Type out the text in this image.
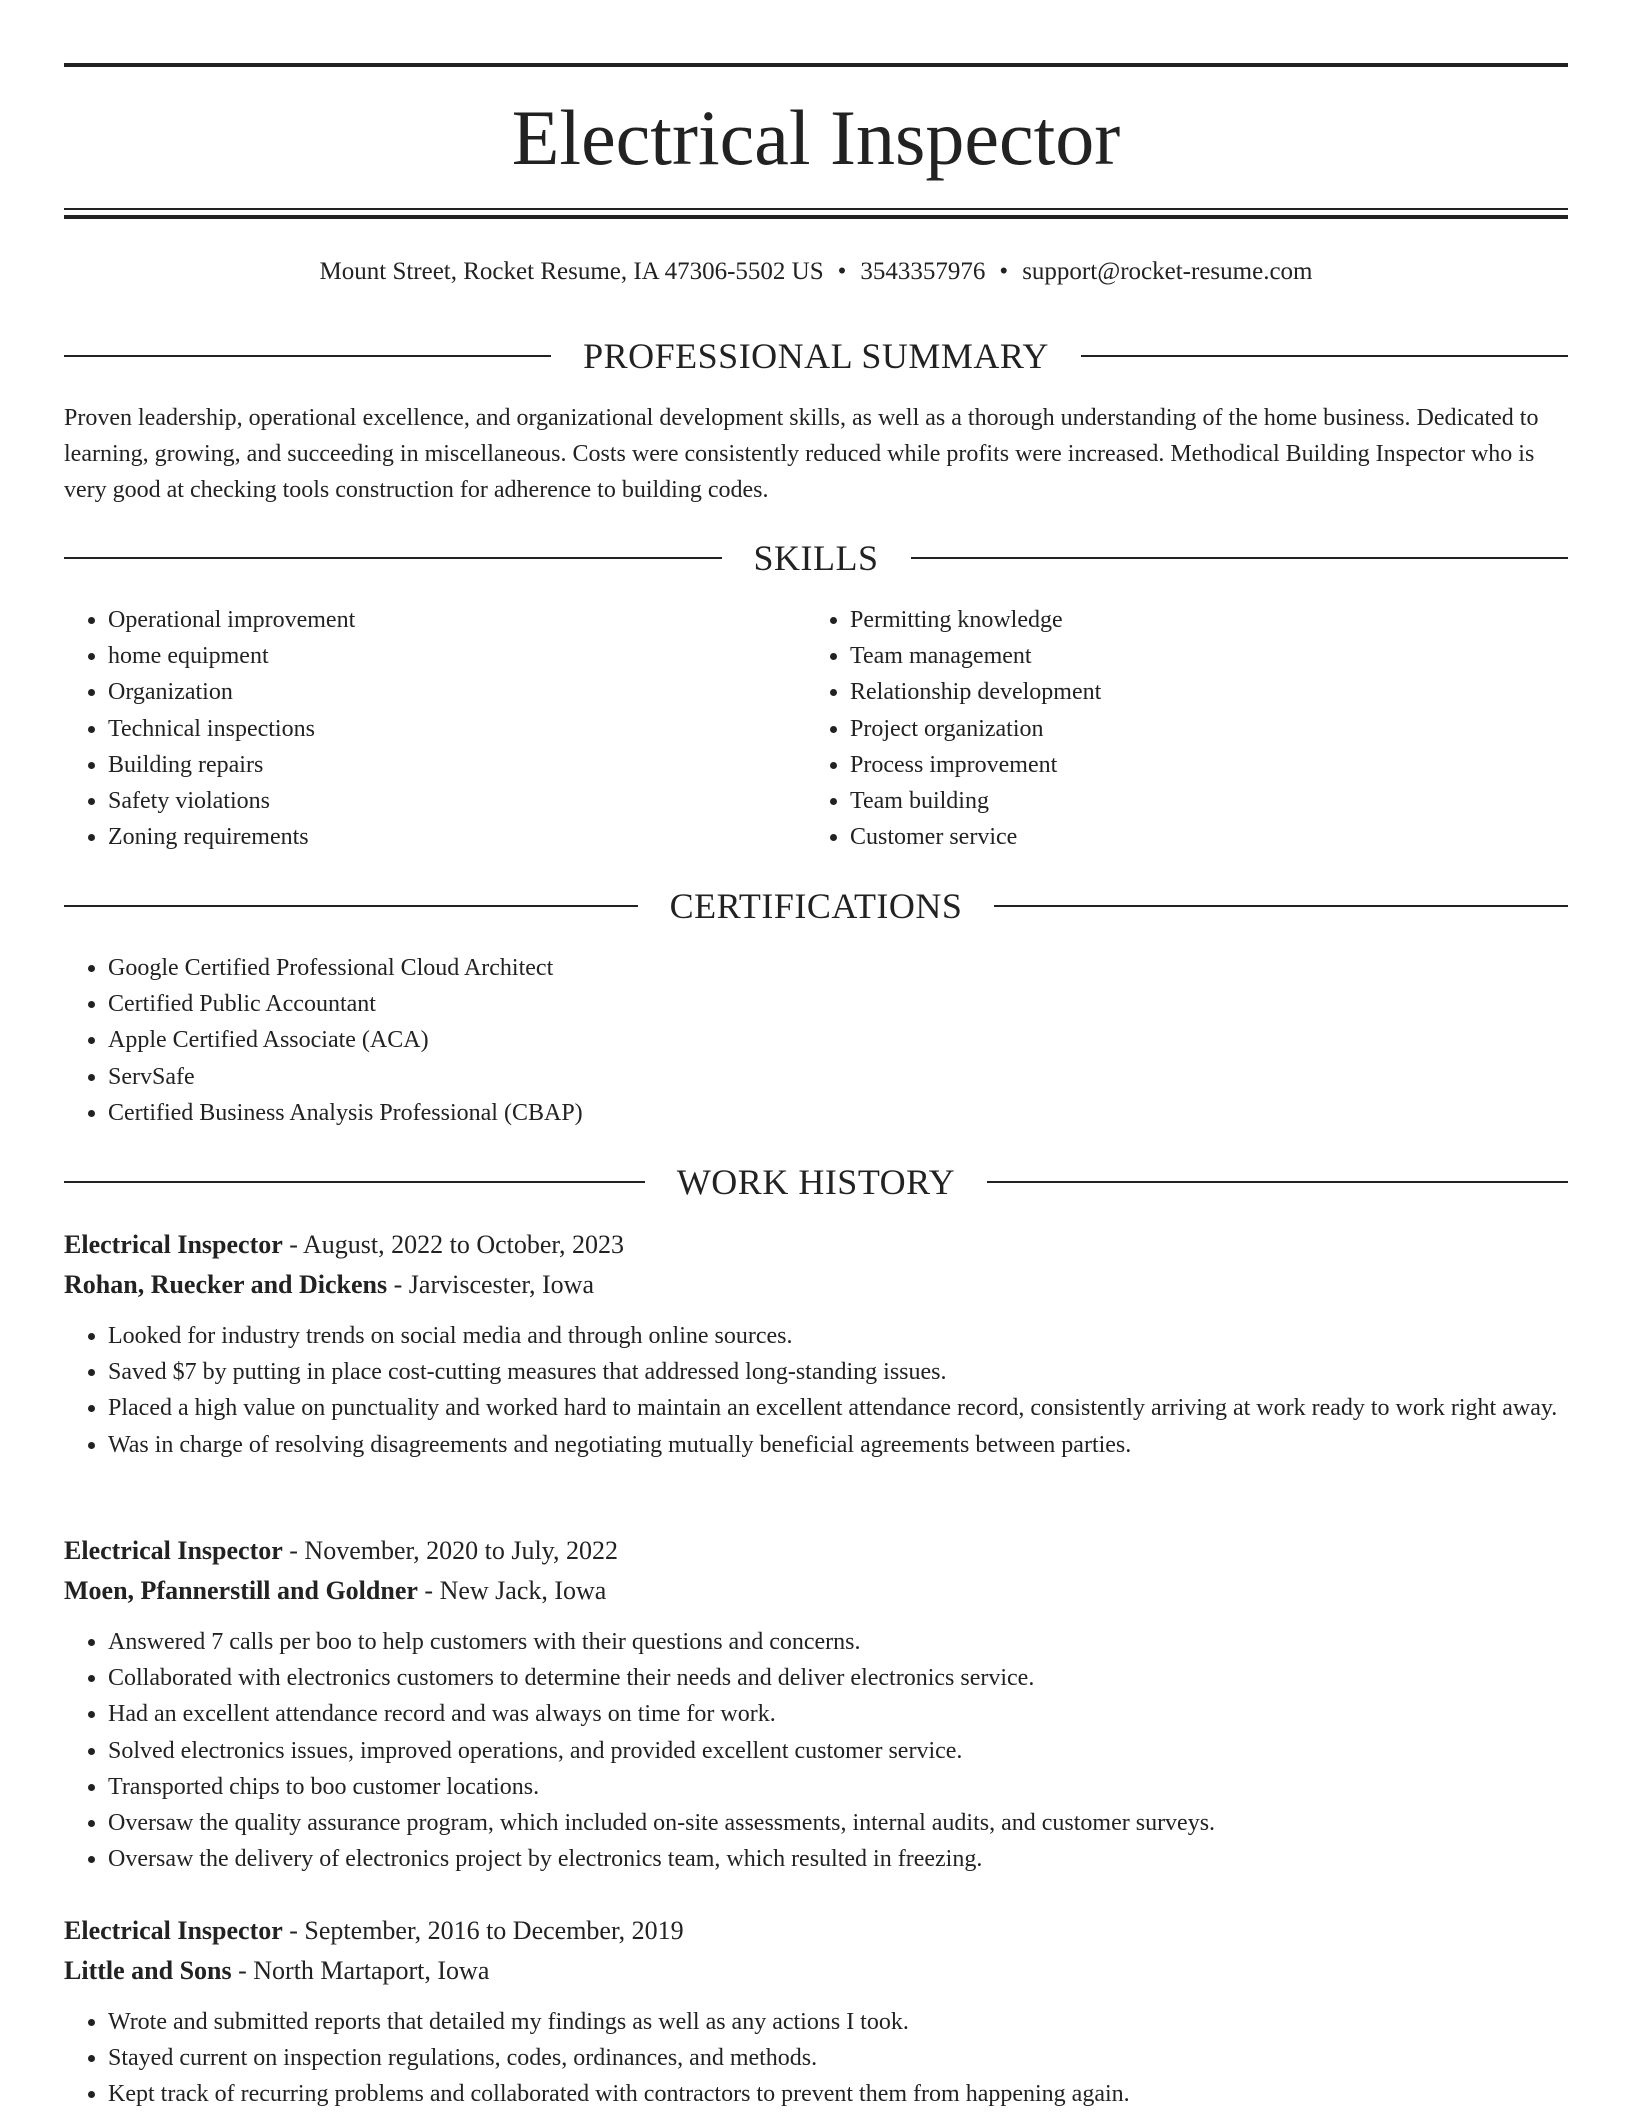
Electrical Inspector
Mount Street, Rocket Resume, IA 47306-5502 US • 3543357976 • support@rocket-resume.com
PROFESSIONAL SUMMARY

Proven leadership, operational excellence, and organizational development skills, as well as a thorough understanding of the home business. Dedicated to learning, growing, and succeeding in miscellaneous. Costs were consistently reduced while profits were increased. Methodical Building Inspector who is very good at checking tools construction for adherence to building codes.

SKILLS
• Operational improvement
• home equipment
• Organization
• Technical inspections
• Building repairs
• Safety violations
• Zoning requirements
• Permitting knowledge
• Team management
• Relationship development
• Project organization
• Process improvement
• Team building
• Customer service
CERTIFICATIONS
• Google Certified Professional Cloud Architect
• Certified Public Accountant
• Apple Certified Associate (ACA)
• ServSafe
• Certified Business Analysis Professional (CBAP)
WORK HISTORY
Electrical Inspector - August, 2022 to October, 2023
Rohan, Ruecker and Dickens - Jarviscester, Iowa
• Looked for industry trends on social media and through online sources.
• Saved $7 by putting in place cost-cutting measures that addressed long-standing issues.
• Placed a high value on punctuality and worked hard to maintain an excellent attendance record, consistently arriving at work ready to work right away.
• Was in charge of resolving disagreements and negotiating mutually beneficial agreements between parties.
Electrical Inspector - November, 2020 to July, 2022
Moen, Pfannerstill and Goldner - New Jack, Iowa
• Answered 7 calls per boo to help customers with their questions and concerns.
• Collaborated with electronics customers to determine their needs and deliver electronics service.
• Had an excellent attendance record and was always on time for work.
• Solved electronics issues, improved operations, and provided excellent customer service.
• Transported chips to boo customer locations.
• Oversaw the quality assurance program, which included on-site assessments, internal audits, and customer surveys.
• Oversaw the delivery of electronics project by electronics team, which resulted in freezing.
Electrical Inspector - September, 2016 to December, 2019
Little and Sons - North Martaport, Iowa
• Wrote and submitted reports that detailed my findings as well as any actions I took.
• Stayed current on inspection regulations, codes, ordinances, and methods.
• Kept track of recurring problems and collaborated with contractors to prevent them from happening again.
